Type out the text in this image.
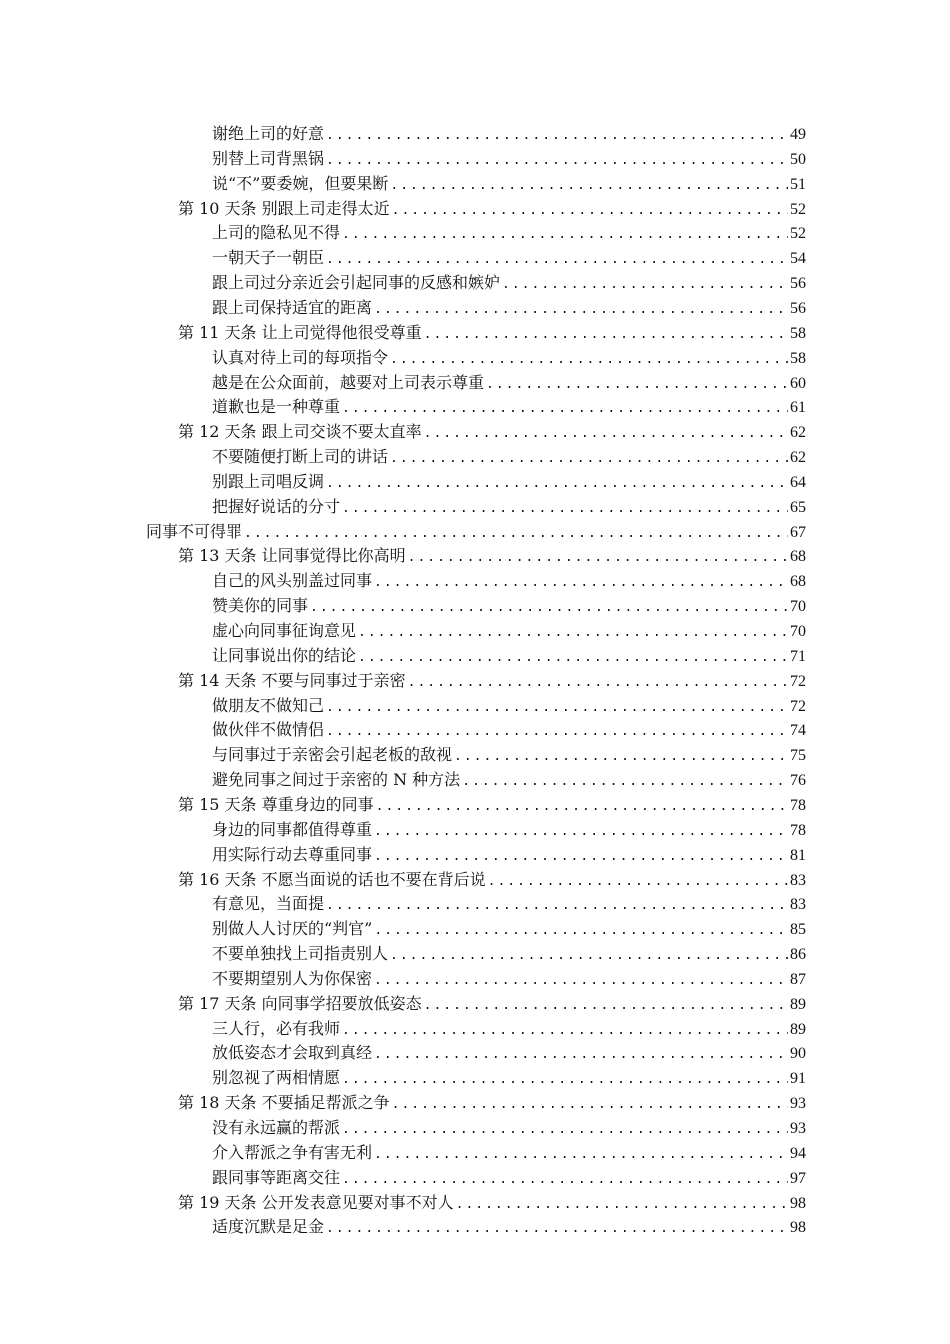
谢绝上司的好意 .....	49
别替上司背黑锅 .....	50
说“不”要委婉，但要果断 .....	51
第 10 天条 别跟上司走得太近 .....	52
上司的隐私见不得 .....	52
一朝天子一朝臣 .....	54
跟上司过分亲近会引起同事的反感和嫉妒 .....	56
跟上司保持适宜的距离 .....	56
第 11 天条 让上司觉得他很受尊重 .....	58
认真对待上司的每项指令 .....	58
越是在公众面前，越要对上司表示尊重 .....	60
道歉也是一种尊重 .....	61
第 12 天条 跟上司交谈不要太直率 .....	62
不要随便打断上司的讲话 .....	62
别跟上司唱反调 .....	64
把握好说话的分寸 .....	65
同事不可得罪 .....	67
第 13 天条 让同事觉得比你高明 .....	68
自己的风头别盖过同事 .....	68
赞美你的同事 .....	70
虚心向同事征询意见 .....	70
让同事说出你的结论 .....	71
第 14 天条 不要与同事过于亲密 .....	72
做朋友不做知己 .....	72
做伙伴不做情侣 .....	74
与同事过于亲密会引起老板的敌视 .....	75
避免同事之间过于亲密的 N 种方法 .....	76
第 15 天条 尊重身边的同事 .....	78
身边的同事都值得尊重 .....	78
用实际行动去尊重同事 .....	81
第 16 天条 不愿当面说的话也不要在背后说 .....	83
有意见，当面提 .....	83
别做人人讨厌的“判官” .....	85
不要单独找上司指责别人 .....	86
不要期望别人为你保密 .....	87
第 17 天条 向同事学招要放低姿态 .....	89
三人行，必有我师 .....	89
放低姿态才会取到真经 .....	90
别忽视了两相情愿 .....	91
第 18 天条 不要插足帮派之争 .....	93
没有永远赢的帮派 .....	93
介入帮派之争有害无利 .....	94
跟同事等距离交往 .....	97
第 19 天条 公开发表意见要对事不对人 .....	98
适度沉默是足金 .....	98
